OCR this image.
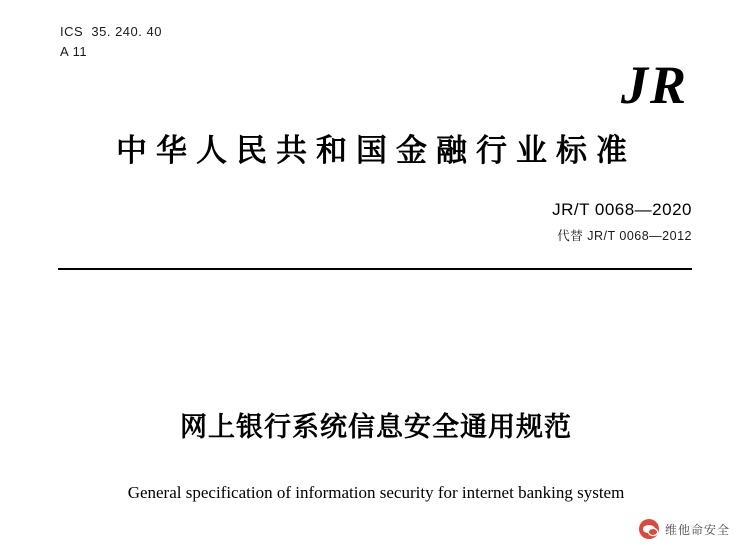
ICS  35. 240. 40
A 11
JR
中华人民共和国金融行业标准
JR/T 0068—2020
代替 JR/T 0068—2012
网上银行系统信息安全通用规范
General specification of information security for internet banking system
维他命安全
